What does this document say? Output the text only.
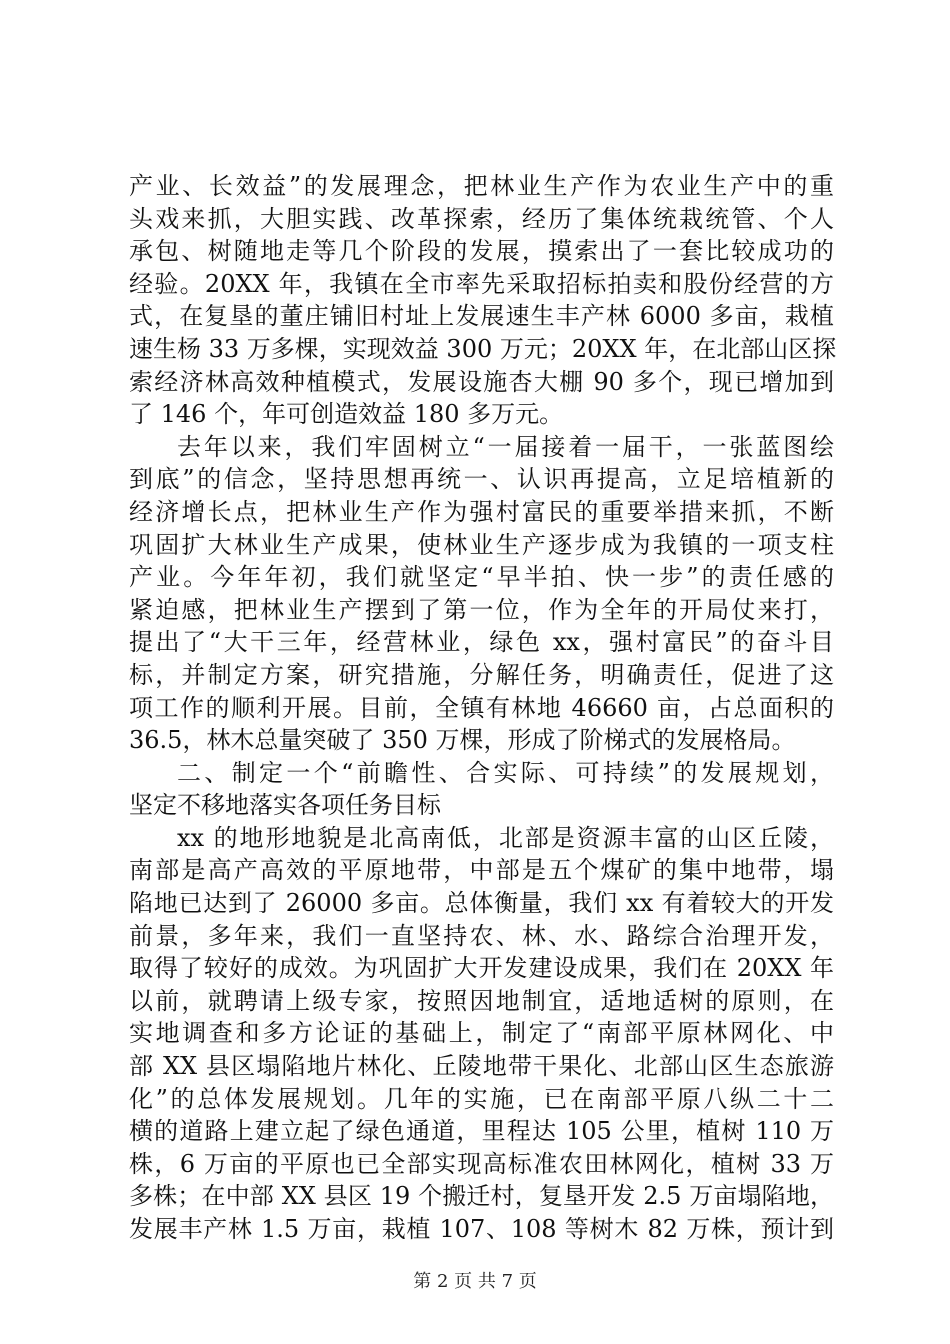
产业、长效益”的发展理念，把林业生产作为农业生产中的重
头戏来抓，大胆实践、改革探索，经历了集体统栽统管、个人
承包、树随地走等几个阶段的发展，摸索出了一套比较成功的
经验。20XX 年，我镇在全市率先采取招标拍卖和股份经营的方
式，在复垦的董庄铺旧村址上发展速生丰产林 6000 多亩，栽植
速生杨 33 万多棵，实现效益 300 万元；20XX 年，在北部山区探
索经济林高效种植模式，发展设施杏大棚 90 多个，现已增加到
了 146 个，年可创造效益 180 多万元。
去年以来，我们牢固树立“一届接着一届干，一张蓝图绘
到底”的信念，坚持思想再统一、认识再提高，立足培植新的
经济增长点，把林业生产作为强村富民的重要举措来抓，不断
巩固扩大林业生产成果，使林业生产逐步成为我镇的一项支柱
产业。今年年初，我们就坚定“早半拍、快一步”的责任感的
紧迫感，把林业生产摆到了第一位，作为全年的开局仗来打，
提出了“大干三年，经营林业，绿色 xx，强村富民”的奋斗目
标，并制定方案，研究措施，分解任务，明确责任，促进了这
项工作的顺利开展。目前，全镇有林地 46660 亩，占总面积的
36.5，林木总量突破了 350 万棵，形成了阶梯式的发展格局。
二、制定一个“前瞻性、合实际、可持续”的发展规划，
坚定不移地落实各项任务目标
xx 的地形地貌是北高南低，北部是资源丰富的山区丘陵，
南部是高产高效的平原地带，中部是五个煤矿的集中地带，塌
陷地已达到了 26000 多亩。总体衡量，我们 xx 有着较大的开发
前景，多年来，我们一直坚持农、林、水、路综合治理开发，
取得了较好的成效。为巩固扩大开发建设成果，我们在 20XX 年
以前，就聘请上级专家，按照因地制宜，适地适树的原则，在
实地调查和多方论证的基础上，制定了“南部平原林网化、中
部 XX 县区塌陷地片林化、丘陵地带干果化、北部山区生态旅游
化”的总体发展规划。几年的实施，已在南部平原八纵二十二
横的道路上建立起了绿色通道，里程达 105 公里，植树 110 万
株，6 万亩的平原也已全部实现高标准农田林网化，植树 33 万
多株；在中部 XX 县区 19 个搬迁村，复垦开发 2.5 万亩塌陷地，
发展丰产林 1.5 万亩，栽植 107、108 等树木 82 万株，预计到
第 2 页 共 7 页
